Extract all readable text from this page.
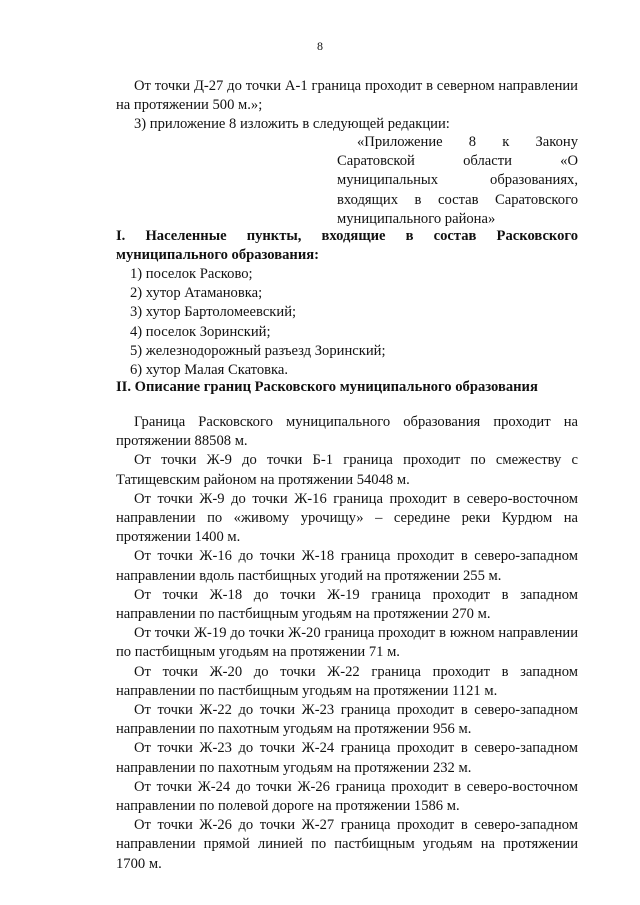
8

От точки Д-27 до точки А-1 граница проходит в северном направлении на протяжении 500 м.»;

3) приложение 8 изложить в следующей редакции:

«Приложение 8 к Закону Саратовской области «О муниципальных образованиях, входящих в состав Саратовского муниципального района»

I. Населенные пункты, входящие в состав Расковского муниципального образования:

1) поселок Расково;
2) хутор Атамановка;
3) хутор Бартоломеевский;
4) поселок Зоринский;
5) железнодорожный разъезд Зоринский;
6) хутор Малая Скатовка.

II. Описание границ Расковского муниципального образования

Граница Расковского муниципального образования проходит на протяжении 88508 м.

От точки Ж-9 до точки Б-1 граница проходит по смежеству с Татищевским районом на протяжении 54048 м.

От точки Ж-9 до точки Ж-16 граница проходит в северо-восточном направлении по «живому урочищу» – середине реки Курдюм на протяжении 1400 м.

От точки Ж-16 до точки Ж-18 граница проходит в северо-западном направлении вдоль пастбищных угодий на протяжении 255 м.

От точки Ж-18 до точки Ж-19 граница проходит в западном направлении по пастбищным угодьям на протяжении 270 м.

От точки Ж-19 до точки Ж-20 граница проходит в южном направлении по пастбищным угодьям на протяжении 71 м.

От точки Ж-20 до точки Ж-22 граница проходит в западном направлении по пастбищным угодьям на протяжении 1121 м.

От точки Ж-22 до точки Ж-23 граница проходит в северо-западном направлении по пахотным угодьям на протяжении 956 м.

От точки Ж-23 до точки Ж-24 граница проходит в северо-западном направлении по пахотным угодьям на протяжении 232 м.

От точки Ж-24 до точки Ж-26 граница проходит в северо-восточном направлении по полевой дороге на протяжении 1586 м.

От точки Ж-26 до точки Ж-27 граница проходит в северо-западном направлении прямой линией по пастбищным угодьям на протяжении 1700 м.
